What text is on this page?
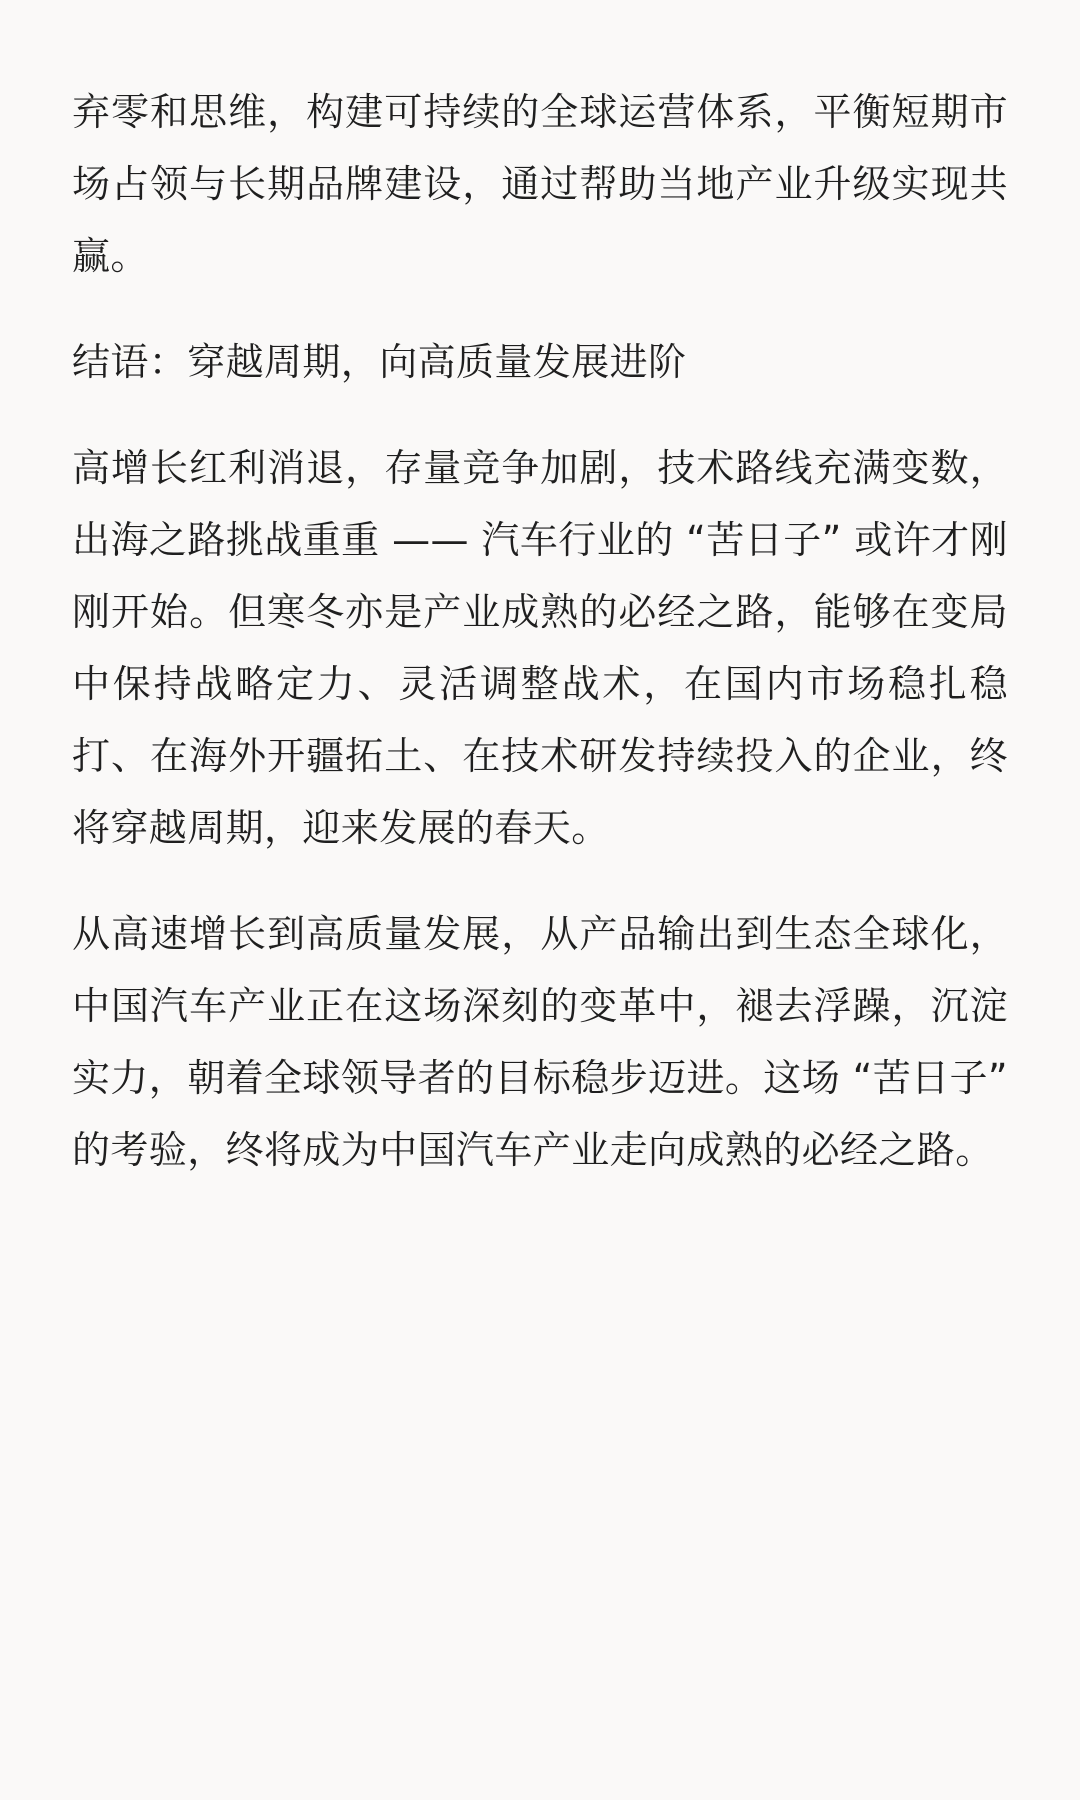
弃零和思维，构建可持续的全球运营体系，平衡短期市场占领与长期品牌建设，通过帮助当地产业升级实现共赢。

结语：穿越周期，向高质量发展进阶

高增长红利消退，存量竞争加剧，技术路线充满变数，出海之路挑战重重 —— 汽车行业的 “苦日子” 或许才刚刚开始。但寒冬亦是产业成熟的必经之路，能够在变局中保持战略定力、灵活调整战术，在国内市场稳扎稳打、在海外开疆拓土、在技术研发持续投入的企业，终将穿越周期，迎来发展的春天。

从高速增长到高质量发展，从产品输出到生态全球化，中国汽车产业正在这场深刻的变革中，褪去浮躁，沉淀实力，朝着全球领导者的目标稳步迈进。这场 “苦日子” 的考验，终将成为中国汽车产业走向成熟的必经之路。
